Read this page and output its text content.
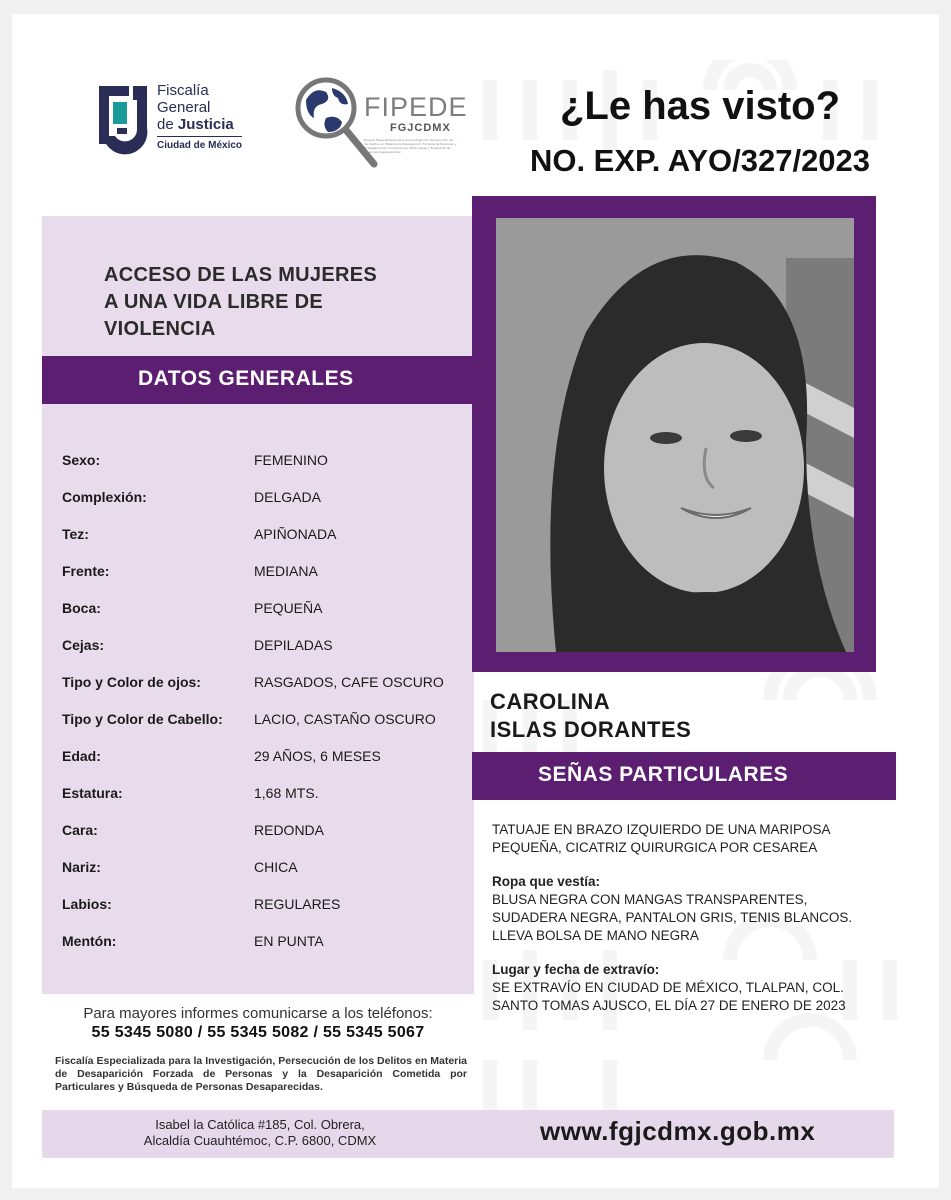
Fiscalía
General
de Justicia
Ciudad de México
FIPEDE
FGJCDMX
Fiscalía Especializada para la Investigación, Persecución de los Delitos en Materia de Desaparición Forzada de Personas y la Desaparición Cometida por Particulares y Búsqueda de Personas Desaparecidas
¿Le has visto?
NO. EXP. AYO/327/2023
ACCESO DE LAS MUJERES
A UNA VIDA LIBRE DE
VIOLENCIA
DATOS GENERALES
Sexo:	FEMENINO
Complexión:	DELGADA
Tez:	APIÑONADA
Frente:	MEDIANA
Boca:	PEQUEÑA
Cejas:	DEPILADAS
Tipo y Color de ojos:	RASGADOS, CAFE OSCURO
Tipo y Color de Cabello: LACIO, CASTAÑO OSCURO
Edad:	29 AÑOS, 6 MESES
Estatura:	1,68 MTS.
Cara:	REDONDA
Nariz:	CHICA
Labios:	REGULARES
Mentón:	EN PUNTA
Para mayores informes comunicarse a los teléfonos:
55 5345 5080 / 55 5345 5082 / 55 5345 5067
Fiscalía Especializada para la Investigación, Persecución de los Delitos en Materia de Desaparición Forzada de Personas y la Desaparición Cometida por Particulares y Búsqueda de Personas Desaparecidas.
CAROLINA
ISLAS DORANTES
SEÑAS PARTICULARES

TATUAJE EN BRAZO IZQUIERDO DE UNA MARIPOSA
PEQUEÑA, CICATRIZ QUIRURGICA POR CESAREA

Ropa que vestía:

BLUSA NEGRA CON MANGAS TRANSPARENTES,
SUDADERA NEGRA, PANTALON GRIS, TENIS BLANCOS.
LLEVA BOLSA DE MANO NEGRA

Lugar y fecha de extravío:

SE EXTRAVÍO EN CIUDAD DE MÉXICO, TLALPAN, COL.
SANTO TOMAS AJUSCO, EL DÍA 27 DE ENERO DE 2023

Isabel la Católica #185, Col. Obrera,
Alcaldía Cuauhtémoc, C.P. 6800, CDMX	www.fgjcdmx.gob.mx
